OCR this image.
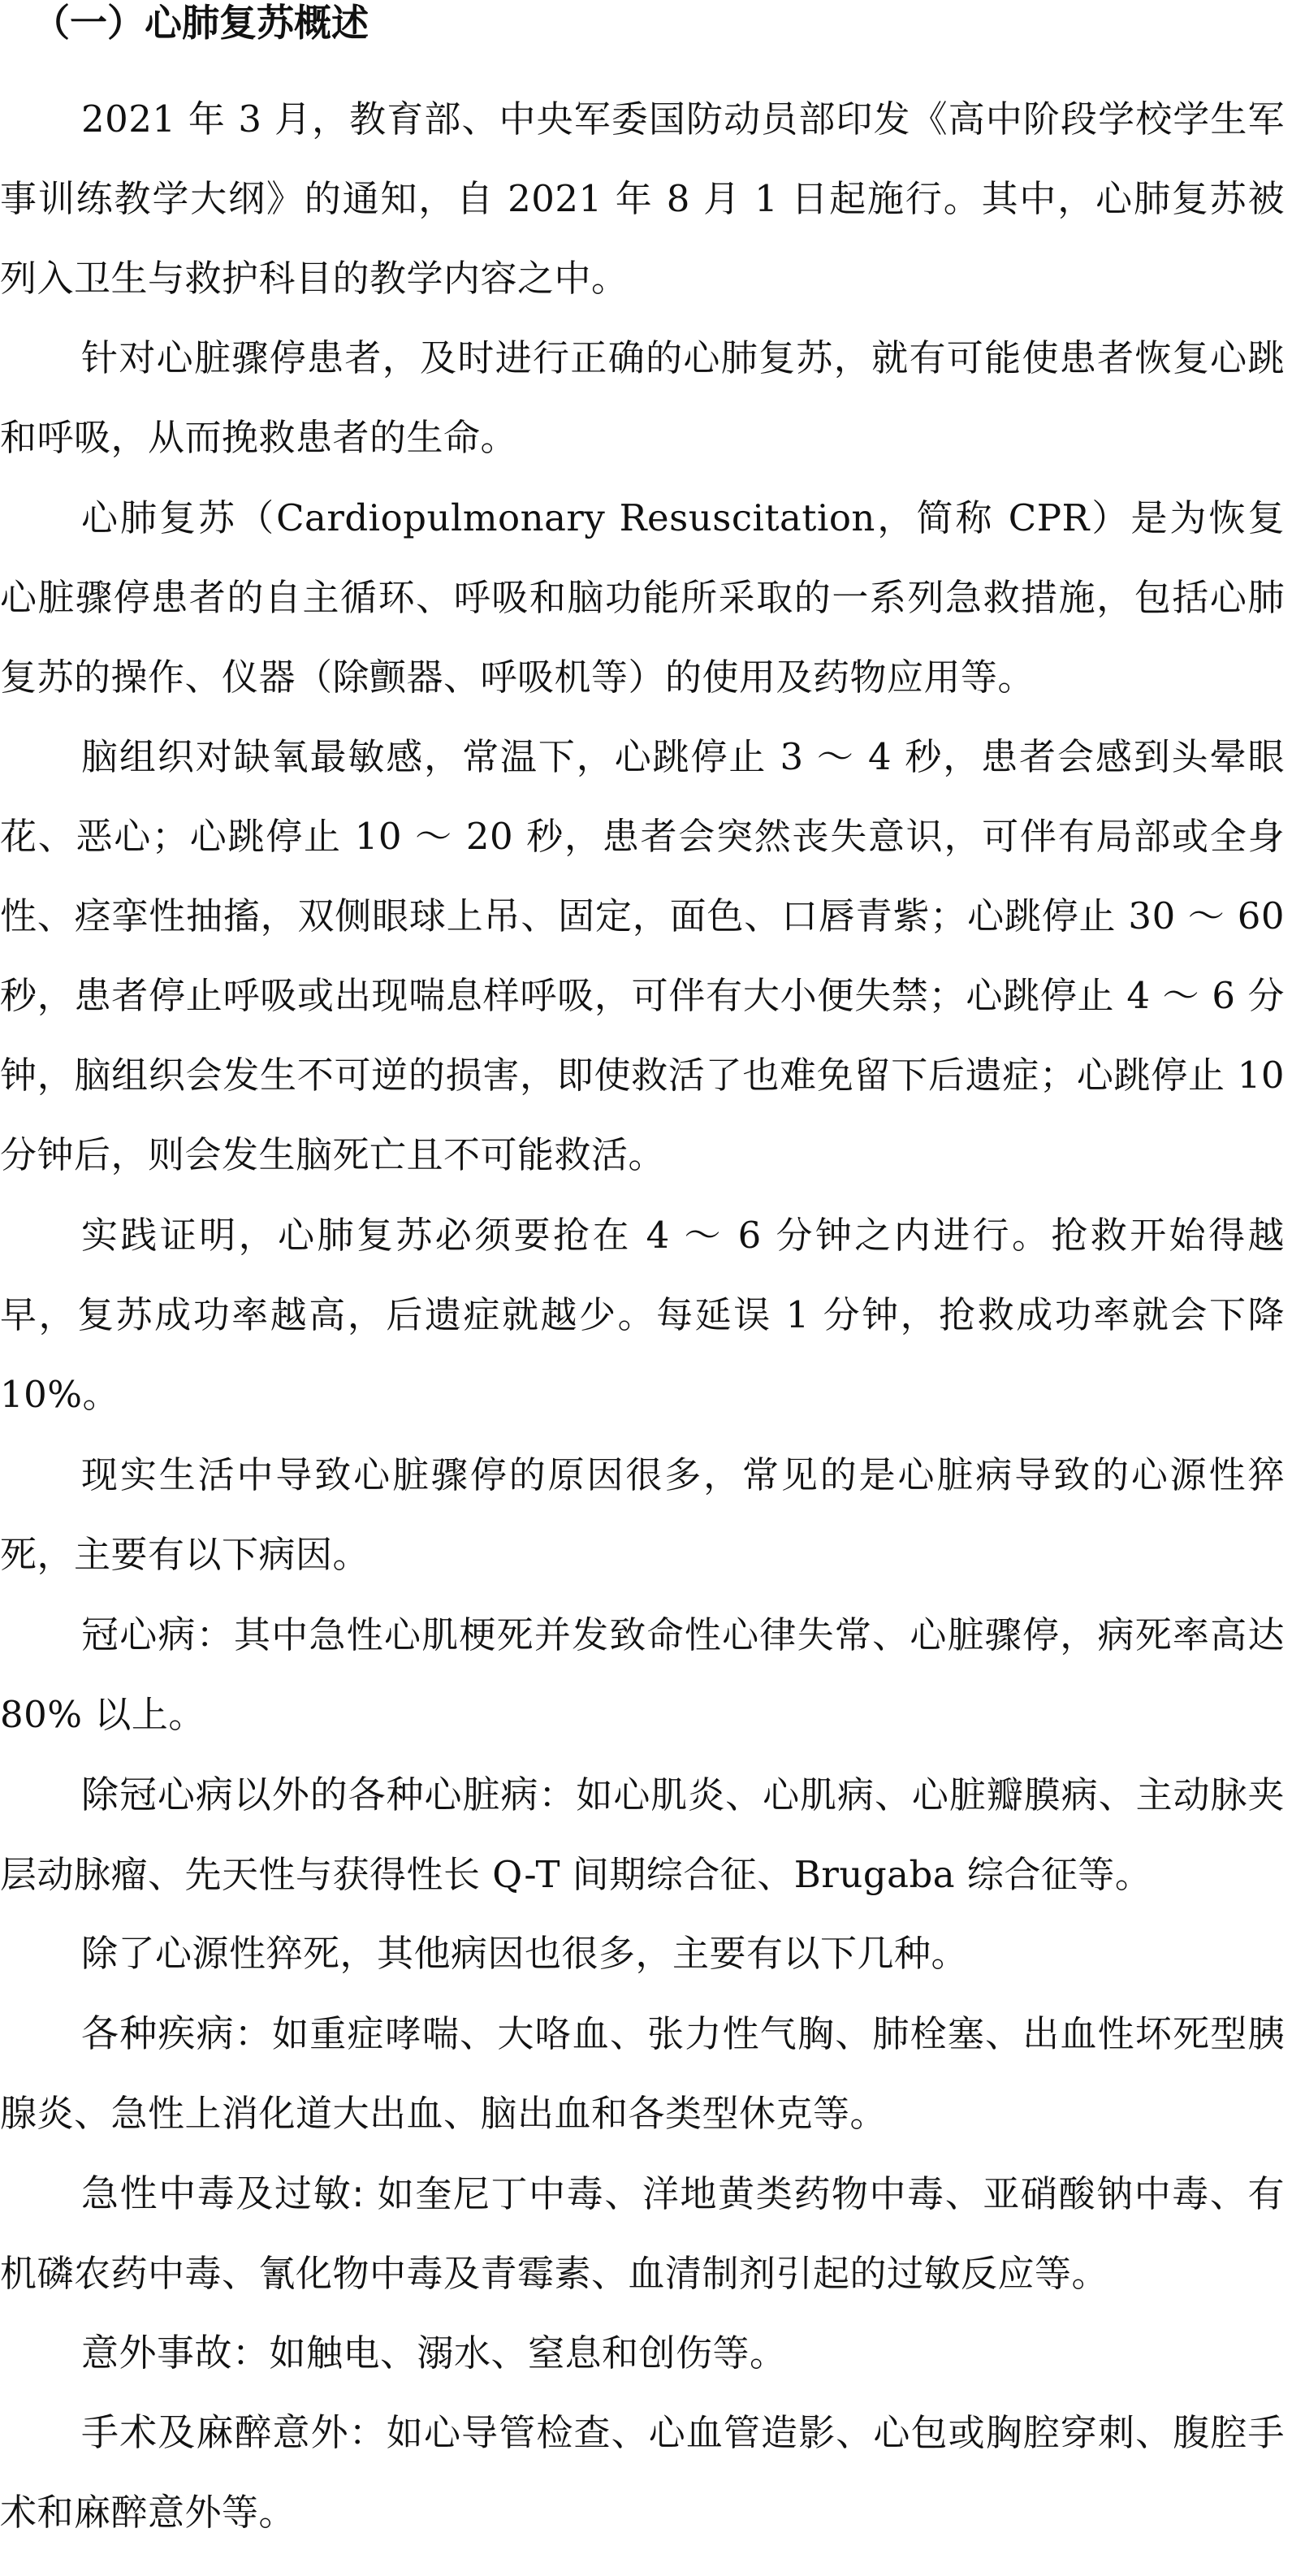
（一）心肺复苏概述

2021 年 3 月，教育部、中央军委国防动员部印发《高中阶段学校学生军事训练教学大纲》的通知，自 2021 年 8 月 1 日起施行。其中，心肺复苏被列入卫生与救护科目的教学内容之中。

针对心脏骤停患者，及时进行正确的心肺复苏，就有可能使患者恢复心跳和呼吸，从而挽救患者的生命。

心肺复苏（Cardiopulmonary Resuscitation，简称 CPR）是为恢复心脏骤停患者的自主循环、呼吸和脑功能所采取的一系列急救措施，包括心肺复苏的操作、仪器（除颤器、呼吸机等）的使用及药物应用等。

脑组织对缺氧最敏感，常温下，心跳停止 3 ～ 4 秒，患者会感到头晕眼花、恶心；心跳停止 10 ～ 20 秒，患者会突然丧失意识，可伴有局部或全身性、痉挛性抽搐，双侧眼球上吊、固定，面色、口唇青紫；心跳停止 30 ～ 60 秒，患者停止呼吸或出现喘息样呼吸，可伴有大小便失禁；心跳停止 4 ～ 6 分钟，脑组织会发生不可逆的损害，即使救活了也难免留下后遗症；心跳停止 10 分钟后，则会发生脑死亡且不可能救活。

实践证明，心肺复苏必须要抢在 4 ～ 6 分钟之内进行。抢救开始得越早，复苏成功率越高，后遗症就越少。每延误 1 分钟，抢救成功率就会下降 10%。

现实生活中导致心脏骤停的原因很多，常见的是心脏病导致的心源性猝死，主要有以下病因。

冠心病：其中急性心肌梗死并发致命性心律失常、心脏骤停，病死率高达 80% 以上。

除冠心病以外的各种心脏病：如心肌炎、心肌病、心脏瓣膜病、主动脉夹层动脉瘤、先天性与获得性长 Q-T 间期综合征、Brugaba 综合征等。

除了心源性猝死，其他病因也很多，主要有以下几种。

各种疾病：如重症哮喘、大咯血、张力性气胸、肺栓塞、出血性坏死型胰腺炎、急性上消化道大出血、脑出血和各类型休克等。

急性中毒及过敏: 如奎尼丁中毒、洋地黄类药物中毒、亚硝酸钠中毒、有机磷农药中毒、氰化物中毒及青霉素、血清制剂引起的过敏反应等。

意外事故：如触电、溺水、窒息和创伤等。

手术及麻醉意外：如心导管检查、心血管造影、心包或胸腔穿刺、腹腔手术和麻醉意外等。
